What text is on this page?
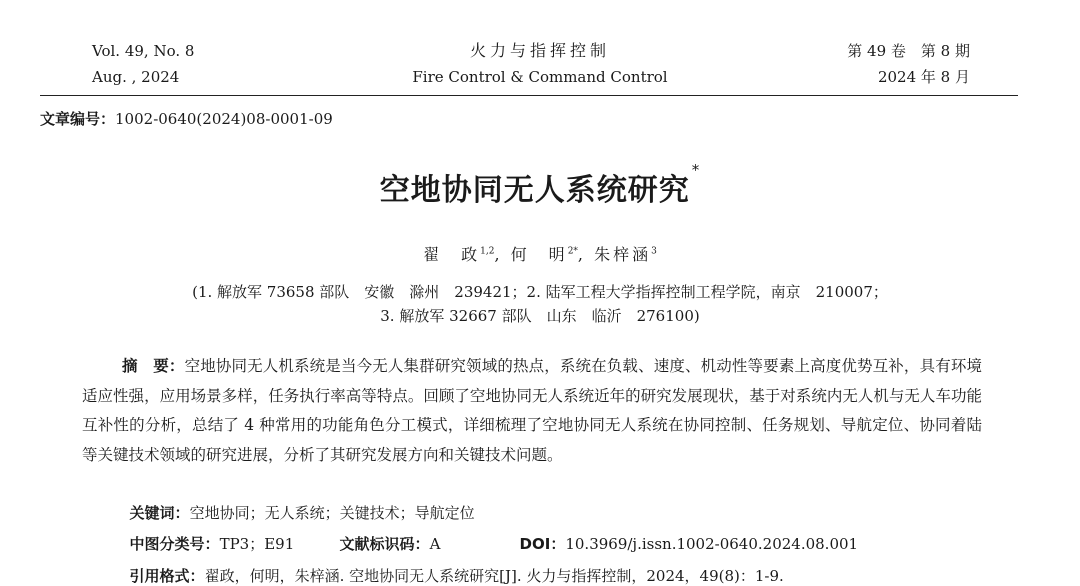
Vol. 49, No. 8
Aug. , 2024
火力与指挥控制
Fire Control & Command Control
第 49 卷　第 8 期
2024 年 8 月
文章编号：1002-0640(2024)08-0001-09
空地协同无人系统研究*
翟　政$^{1,2}$, 何　明$^{2*}$, 朱梓涵$^3$
(1. 解放军 73658 部队　安徽　滁州　239421；2. 陆军工程大学指挥控制工程学院，南京　210007；
3. 解放军 32667 部队　山东　临沂　276100)
摘　要：空地协同无人机系统是当今无人集群研究领域的热点，系统在负载、速度、机动性等要素上高度优势互补，具有环境适应性强，应用场景多样，任务执行率高等特点。回顾了空地协同无人系统近年的研究发展现状，基于对系统内无人机与无人车功能互补性的分析，总结了 4 种常用的功能角色分工模式，详细梳理了空地协同无人系统在协同控制、任务规划、导航定位、协同着陆等关键技术领域的研究进展，分析了其研究发展方向和关键技术问题。

关键词：空地协同；无人系统；关键技术；导航定位

中图分类号：TP3；E91	文献标识码：A	DOI：10.3969/j.issn.1002-0640.2024.08.001

引用格式：翟政，何明，朱梓涵. 空地协同无人系统研究[J]. 火力与指挥控制，2024，49(8)：1-9.
